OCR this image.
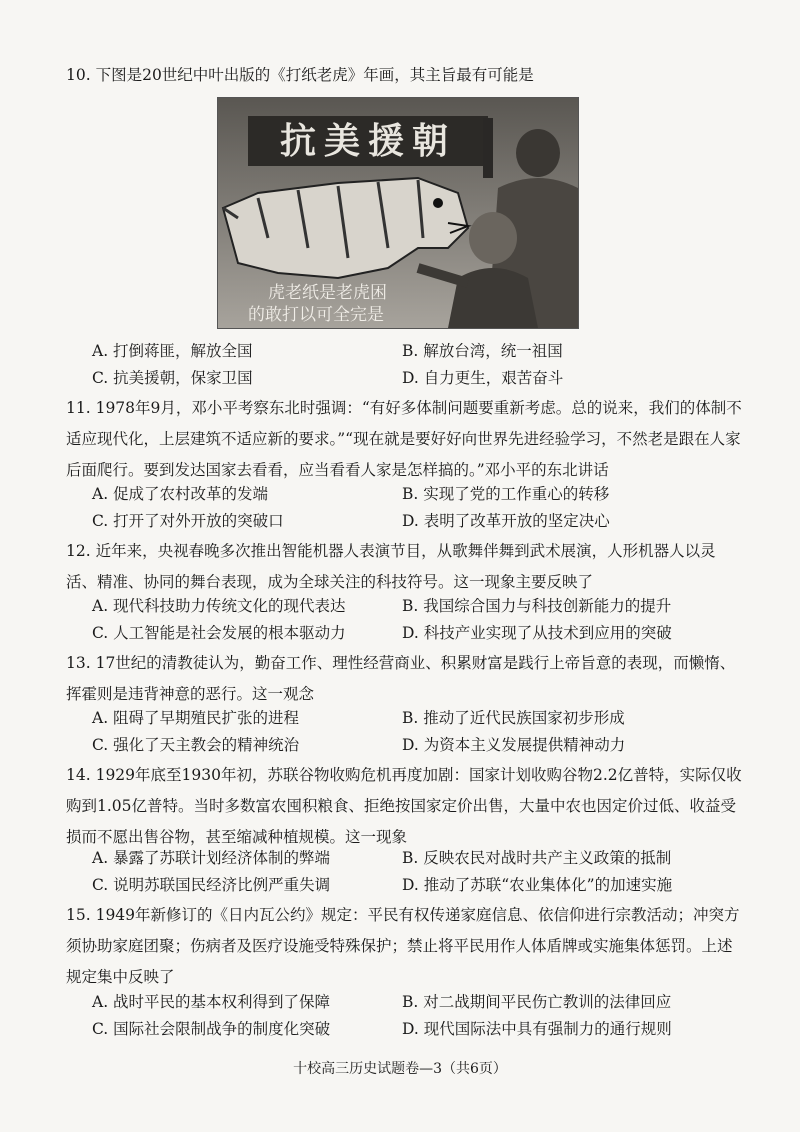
10. 下图是20世纪中叶出版的《打纸老虎》年画，其主旨最有可能是
抗美援朝
虎老纸是老虎困
的敢打以可全完是
A. 打倒蒋匪，解放全国	B. 解放台湾，统一祖国
C. 抗美援朝，保家卫国	D. 自力更生，艰苦奋斗
11. 1978年9月，邓小平考察东北时强调：“有好多体制问题要重新考虑。总的说来，我们的体制不适应现代化，上层建筑不适应新的要求。”“现在就是要好好向世界先进经验学习，不然老是跟在人家后面爬行。要到发达国家去看看，应当看看人家是怎样搞的。”邓小平的东北讲话
A. 促成了农村改革的发端	B. 实现了党的工作重心的转移
C. 打开了对外开放的突破口	D. 表明了改革开放的坚定决心
12. 近年来，央视春晚多次推出智能机器人表演节目，从歌舞伴舞到武术展演，人形机器人以灵活、精准、协同的舞台表现，成为全球关注的科技符号。这一现象主要反映了
A. 现代科技助力传统文化的现代表达	B. 我国综合国力与科技创新能力的提升
C. 人工智能是社会发展的根本驱动力	D. 科技产业实现了从技术到应用的突破
13. 17世纪的清教徒认为，勤奋工作、理性经营商业、积累财富是践行上帝旨意的表现，而懒惰、挥霍则是违背神意的恶行。这一观念
A. 阻碍了早期殖民扩张的进程	B. 推动了近代民族国家初步形成
C. 强化了天主教会的精神统治	D. 为资本主义发展提供精神动力
14. 1929年底至1930年初，苏联谷物收购危机再度加剧：国家计划收购谷物2.2亿普特，实际仅收购到1.05亿普特。当时多数富农囤积粮食、拒绝按国家定价出售，大量中农也因定价过低、收益受损而不愿出售谷物，甚至缩减种植规模。这一现象
A. 暴露了苏联计划经济体制的弊端	B. 反映农民对战时共产主义政策的抵制
C. 说明苏联国民经济比例严重失调	D. 推动了苏联“农业集体化”的加速实施
15. 1949年新修订的《日内瓦公约》规定：平民有权传递家庭信息、依信仰进行宗教活动；冲突方须协助家庭团聚；伤病者及医疗设施受特殊保护；禁止将平民用作人体盾牌或实施集体惩罚。上述规定集中反映了
A. 战时平民的基本权利得到了保障	B. 对二战期间平民伤亡教训的法律回应
C. 国际社会限制战争的制度化突破	D. 现代国际法中具有强制力的通行规则
十校高三历史试题卷—3（共6页）
